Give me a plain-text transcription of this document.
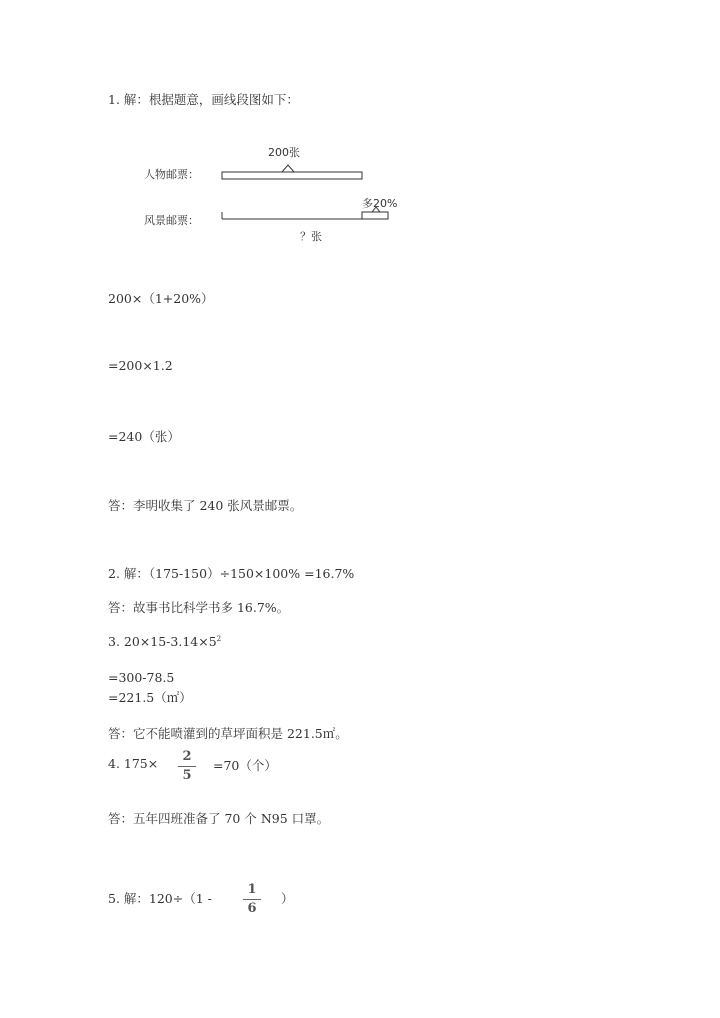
1. 解：根据题意，画线段图如下：
200张
人物邮票：
风景邮票：
多20%
？张
200×（1+20%）
=200×1.2
=240（张）
答：李明收集了 240 张风景邮票。
2. 解：（175-150）÷150×100% =16.7%
答：故事书比科学书多 16.7%。
3. $20\times 15-3.14\times 5^2$
=300-78.5
=221.5（㎡）
答：它不能喷灌到的草坪面积是 221.5㎡。
4. 175×	2
5
=70（个）
答：五年四班准备了 70 个 N95 口罩。
5. 解：120÷（1 -
1
6
）
